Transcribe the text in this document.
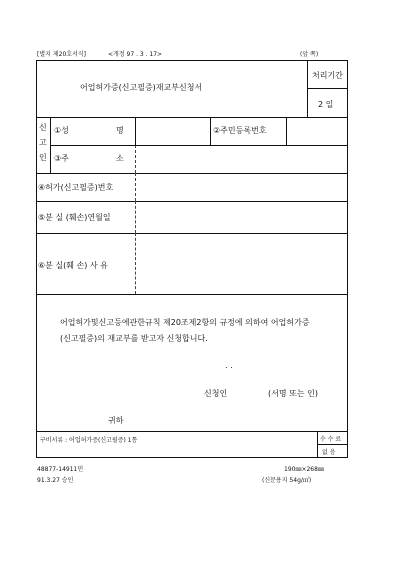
[별지 제20호서식]	<개정 97 . 3 . 17>	(앞 쪽)
어업허가증(신고필증)재교부신청서
처리기간
2 일
신
고
인
①성	명	②주민등록번호
③주	소
④허가(신고필증)번호
⑤분 실 (훼손)연월일
⑥분 실(훼 손) 사 유
어업허가및신고등에관한규칙 제20조제2항의 규정에 의하여 어업허가증
(신고필증)의 재교부를 받고자 신청합니다.
. .
신청인	(서명 또는 인)
귀하
구비서류 : 어업허가증(신고필증) 1통	수 수 료
없 음
48877-14911민
91.3.27 승인
190㎜×268㎜
(신문용지 54g/㎡)
